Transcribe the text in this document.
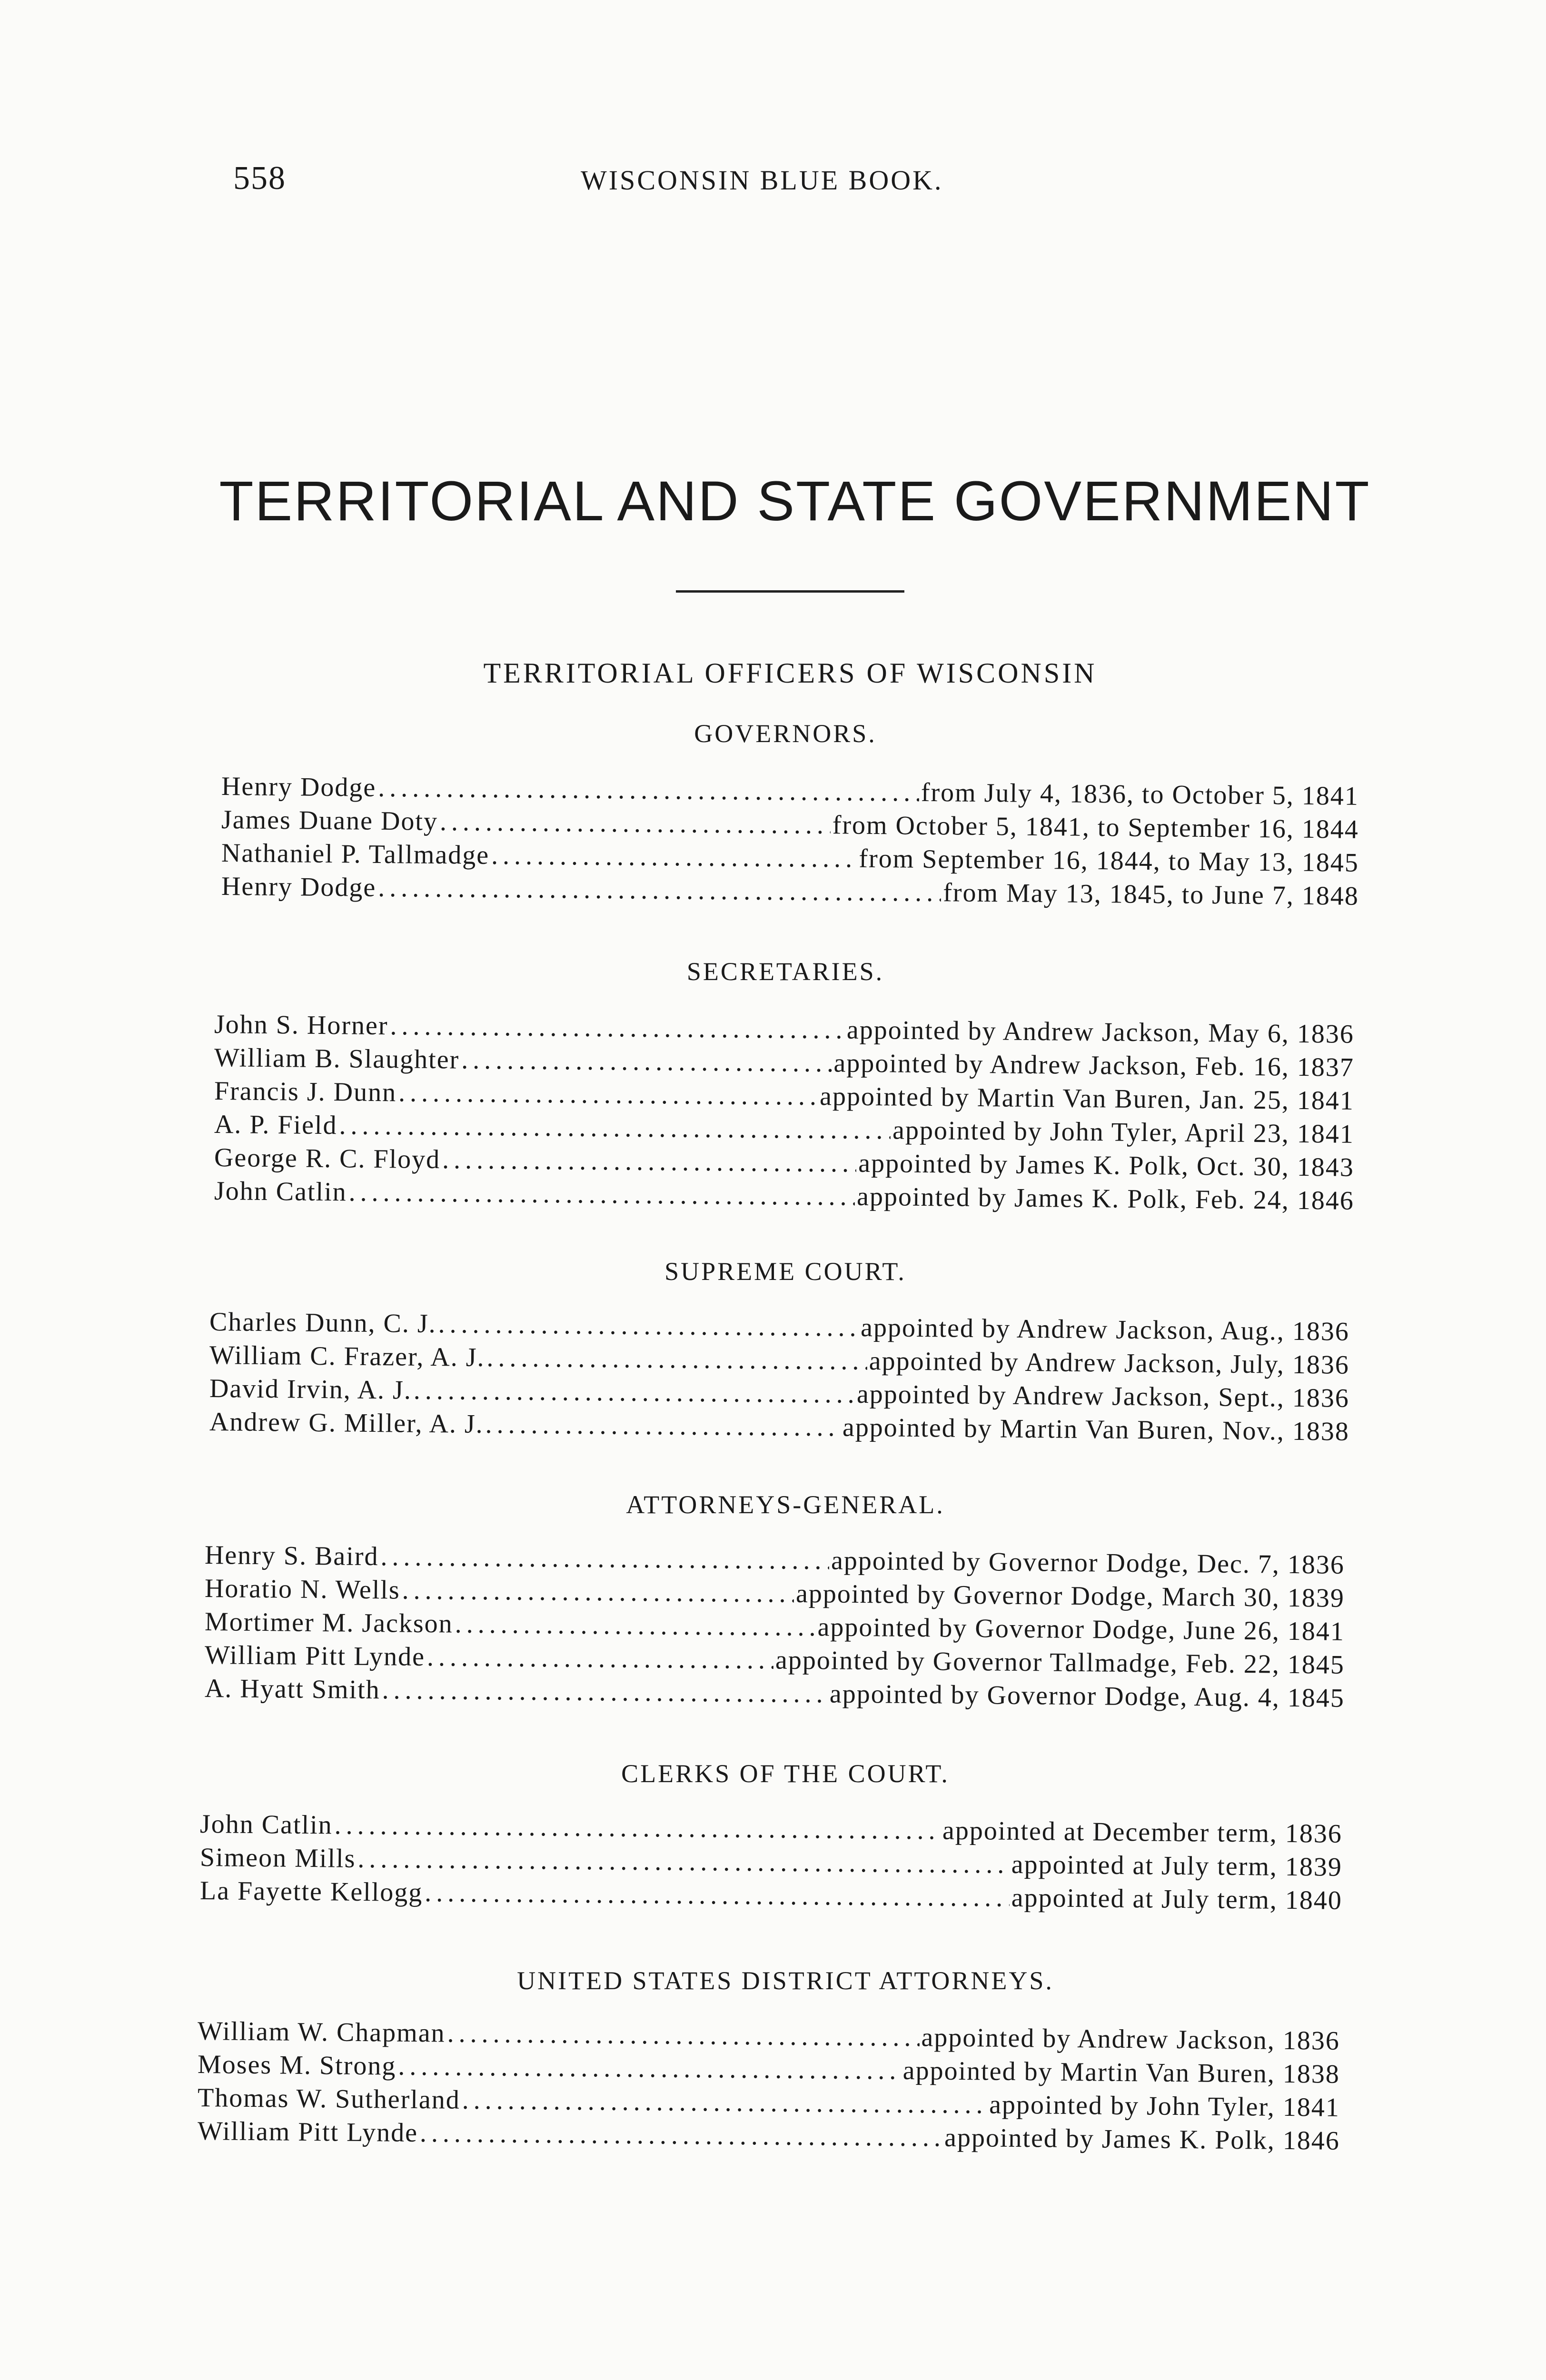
558	WISCONSIN BLUE BOOK.
TERRITORIAL AND STATE GOVERNMENT
TERRITORIAL OFFICERS OF WISCONSIN
GOVERNORS.
Henry Dodge . . .	from July 4, 1836, to October 5, 1841
James Duane Doty . . .	from October 5, 1841, to September 16, 1844
Nathaniel P. Tallmadge . . .	from September 16, 1844, to May 13, 1845
Henry Dodge . . .	from May 13, 1845, to June 7, 1848
SECRETARIES.
John S. Horner . . .	appointed by Andrew Jackson, May 6, 1836
William B. Slaughter . . .	appointed by Andrew Jackson, Feb. 16, 1837
Francis J. Dunn . . .	appointed by Martin Van Buren, Jan. 25, 1841
A. P. Field . . .	appointed by John Tyler, April 23, 1841
George R. C. Floyd . . .	appointed by James K. Polk, Oct. 30, 1843
John Catlin . . .	appointed by James K. Polk, Feb. 24, 1846
SUPREME COURT.
Charles Dunn, C. J. . . .	appointed by Andrew Jackson, Aug., 1836
William C. Frazer, A. J. . . .	appointed by Andrew Jackson, July, 1836
David Irvin, A. J. . . .	appointed by Andrew Jackson, Sept., 1836
Andrew G. Miller, A. J. . . .	appointed by Martin Van Buren, Nov., 1838
ATTORNEYS-GENERAL.
Henry S. Baird . . .	appointed by Governor Dodge, Dec. 7, 1836
Horatio N. Wells . . .	appointed by Governor Dodge, March 30, 1839
Mortimer M. Jackson . . .	appointed by Governor Dodge, June 26, 1841
William Pitt Lynde . . .	appointed by Governor Tallmadge, Feb. 22, 1845
A. Hyatt Smith . . .	appointed by Governor Dodge, Aug. 4, 1845
CLERKS OF THE COURT.
John Catlin . . .	appointed at December term, 1836
Simeon Mills . . .	appointed at July term, 1839
La Fayette Kellogg . . .	appointed at July term, 1840
UNITED STATES DISTRICT ATTORNEYS.
William W. Chapman . . .	appointed by Andrew Jackson, 1836
Moses M. Strong . . .	appointed by Martin Van Buren, 1838
Thomas W. Sutherland . . .	appointed by John Tyler, 1841
William Pitt Lynde . . .	appointed by James K. Polk, 1846
